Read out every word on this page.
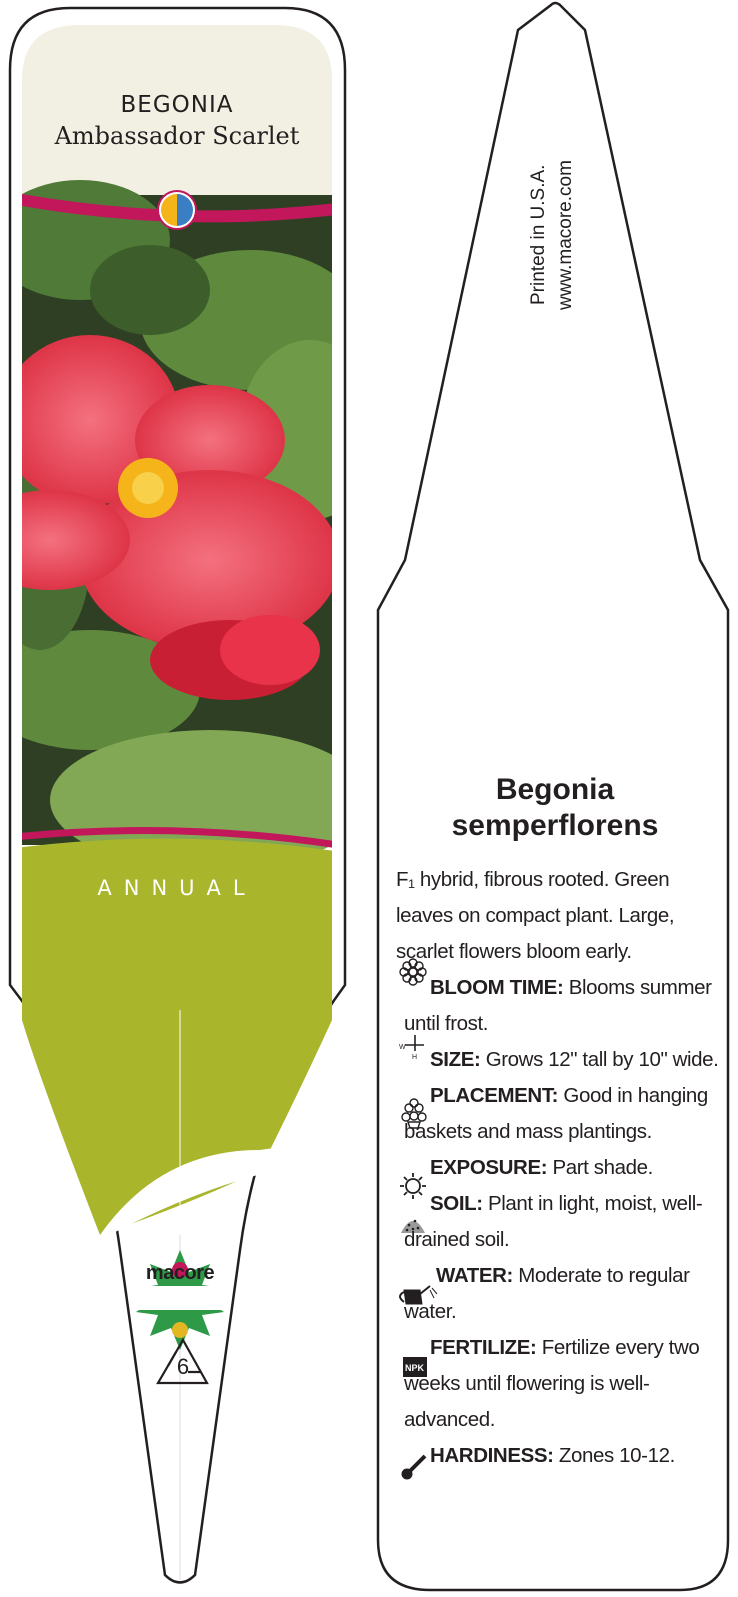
W
H
NPK
BEGONIA
Ambassador Scarlet
ANNUAL
macore
6
Printed in U.S.A. www.macore.com
Begonia
semperflorens

F₁ hybrid, fibrous rooted. Green leaves on compact plant. Large, scarlet flowers bloom early.

BLOOM TIME: Blooms summer until frost.

SIZE: Grows 12" tall by 10" wide.

PLACEMENT: Good in hanging baskets and mass plantings.

EXPOSURE: Part shade.

SOIL: Plant in light, moist, well-drained soil.

WATER: Moderate to regular water.

FERTILIZE: Fertilize every two weeks until flowering is well-advanced.

HARDINESS: Zones 10-12.
